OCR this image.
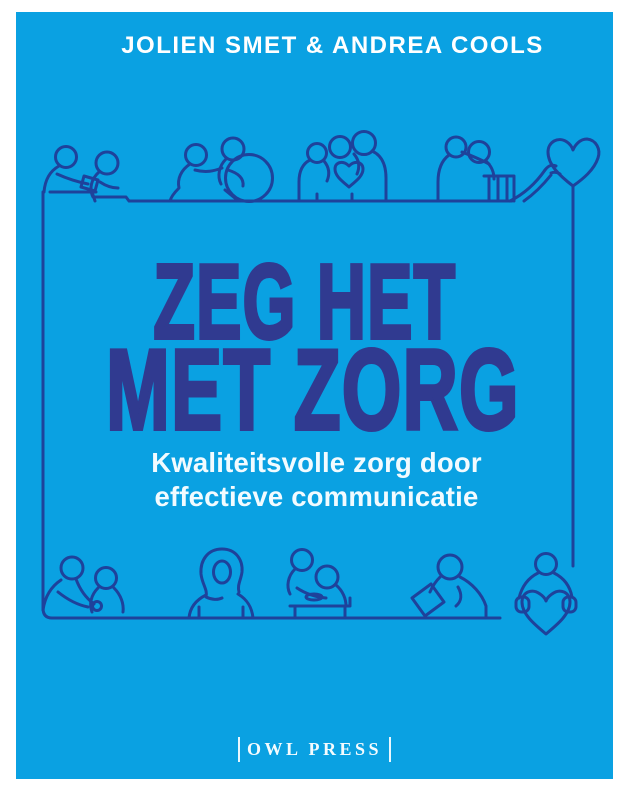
JOLIEN SMET & ANDREA COOLS
ZEG HET
MET ZORG
Kwaliteitsvolle zorg door
effectieve communicatie
OWL PRESS
